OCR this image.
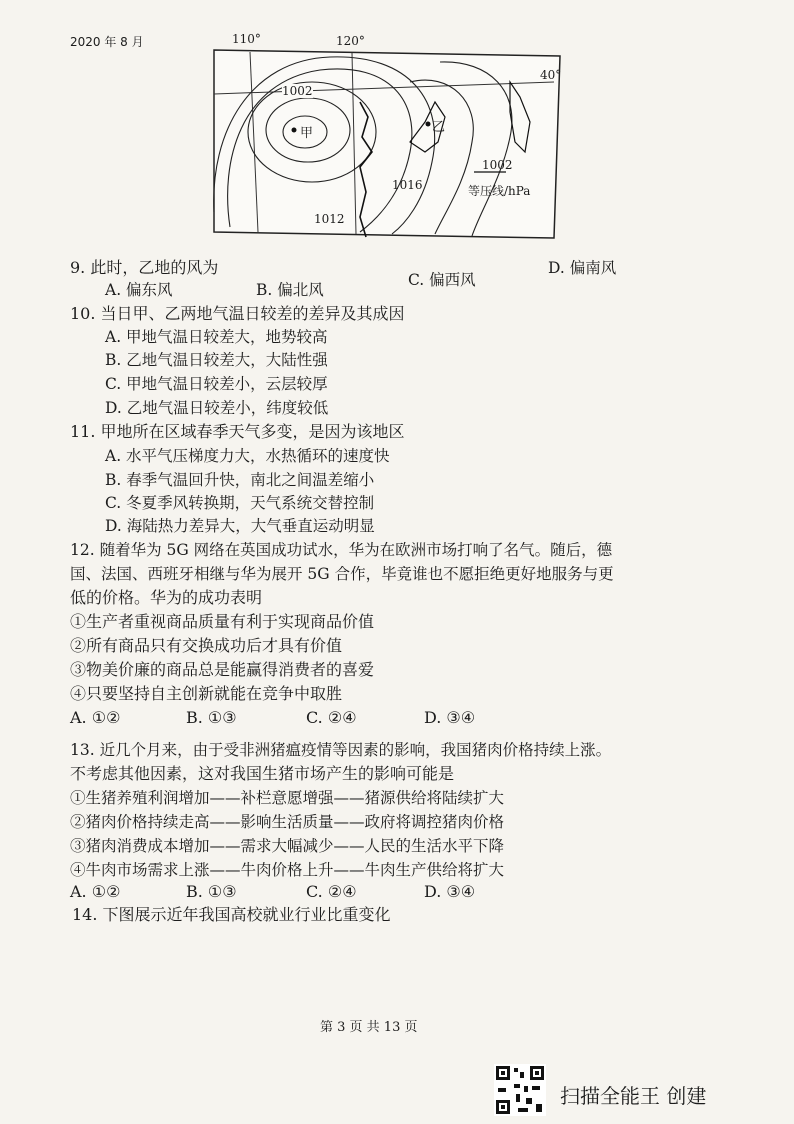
2020 年 8 月	110°	120°
40°
1002
1016
1012
甲	乙
1002
等压线/hPa
9. 此时，乙地的风为
A. 偏东风	B. 偏北风
C. 偏西风
D. 偏南风
10. 当日甲、乙两地气温日较差的差异及其成因
A. 甲地气温日较差大，地势较高
B. 乙地气温日较差大，大陆性强
C. 甲地气温日较差小，云层较厚
D. 乙地气温日较差小，纬度较低
11. 甲地所在区域春季天气多变，是因为该地区
A. 水平气压梯度力大，水热循环的速度快
B. 春季气温回升快，南北之间温差缩小
C. 冬夏季风转换期，天气系统交替控制
D. 海陆热力差异大，大气垂直运动明显
12. 随着华为 5G 网络在英国成功试水，华为在欧洲市场打响了名气。随后，德
国、法国、西班牙相继与华为展开 5G 合作，毕竟谁也不愿拒绝更好地服务与更
低的价格。华为的成功表明
①生产者重视商品质量有利于实现商品价值
②所有商品只有交换成功后才具有价值
③物美价廉的商品总是能赢得消费者的喜爱
④只要坚持自主创新就能在竞争中取胜
A. ①②	B. ①③	C. ②④	D. ③④
13. 近几个月来，由于受非洲猪瘟疫情等因素的影响，我国猪肉价格持续上涨。
不考虑其他因素，这对我国生猪市场产生的影响可能是
①生猪养殖利润增加——补栏意愿增强——猪源供给将陆续扩大
②猪肉价格持续走高——影响生活质量——政府将调控猪肉价格
③猪肉消费成本增加——需求大幅减少——人民的生活水平下降
④牛肉市场需求上涨——牛肉价格上升——牛肉生产供给将扩大
A. ①②	B. ①③	C. ②④	D. ③④
14. 下图展示近年我国高校就业行业比重变化
第 3 页 共 13 页
扫描全能王 创建
